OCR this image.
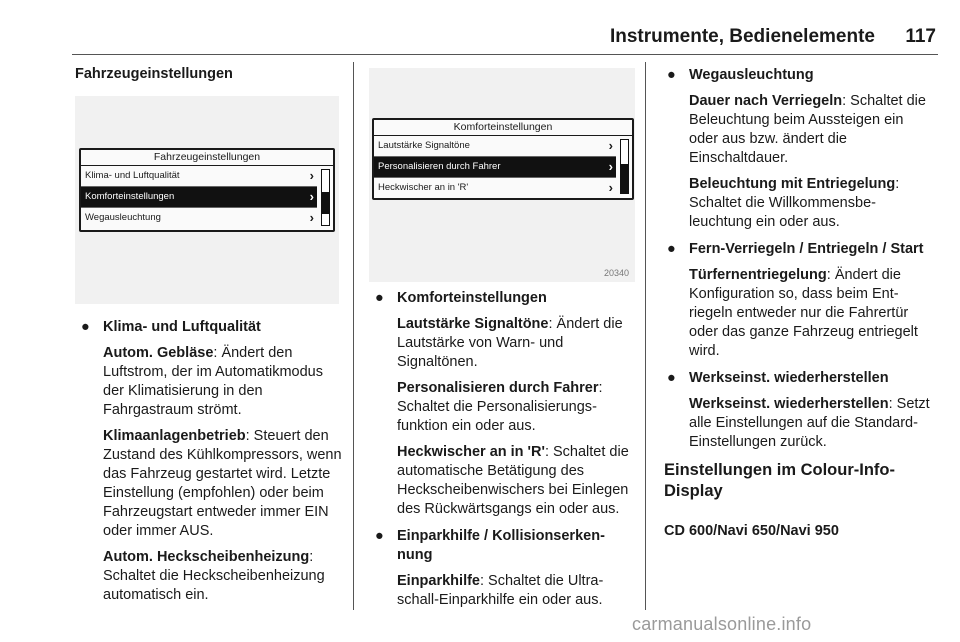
Instrumente, Bedienelemente	117
Fahrzeugeinstellungen
Fahrzeugeinstellungen
Klima- und Luftqualität	›
Komforteinstellungen	›
Wegausleuchtung	›
Komforteinstellungen
Lautstärke Signaltöne	›
Personalisieren durch Fahrer	›
Heckwischer an in 'R'	›
20340
● Klima- und Luftqualität
Autom. Gebläse: Ändert den Luftstrom, der im Automatikmodus der Klimatisierung in den Fahrgastraum strömt.
Klimaanlagenbetrieb: Steuert den Zustand des Kühlkompressors, wenn das Fahrzeug gestartet wird. Letzte Einstellung (empfohlen) oder beim Fahrzeugstart entweder immer EIN oder immer AUS.
Autom. Heckscheibenheizung: Schaltet die Heckscheibenheizung automatisch ein.
● Komforteinstellungen
Lautstärke Signaltöne: Ändert die Lautstärke von Warn- und Signaltönen.
Personalisieren durch Fahrer: Schaltet die Personalisierungsfunktion ein oder aus.
Heckwischer an in 'R': Schaltet die automatische Betätigung des Heckscheibenwischers bei Einlegen des Rückwärtsgangs ein oder aus.
● Einparkhilfe / Kollisionserkennung
Einparkhilfe: Schaltet die Ultraschall-Einparkhilfe ein oder aus.
● Wegausleuchtung
Dauer nach Verriegeln: Schaltet die Beleuchtung beim Aussteigen ein oder aus bzw. ändert die Einschaltdauer.
Beleuchtung mit Entriegelung: Schaltet die Willkommensbeleuchtung ein oder aus.
● Fern-Verriegeln / Entriegeln / Start
Türfernentriegelung: Ändert die Konfiguration so, dass beim Entriegeln entweder nur die Fahrertür oder das ganze Fahrzeug entriegelt wird.
● Werkseinst. wiederherstellen
Werkseinst. wiederherstellen: Setzt alle Einstellungen auf die Standard-Einstellungen zurück.
Einstellungen im Colour-Info-Display
CD 600/Navi 650/Navi 950
carmanualsonline.info
